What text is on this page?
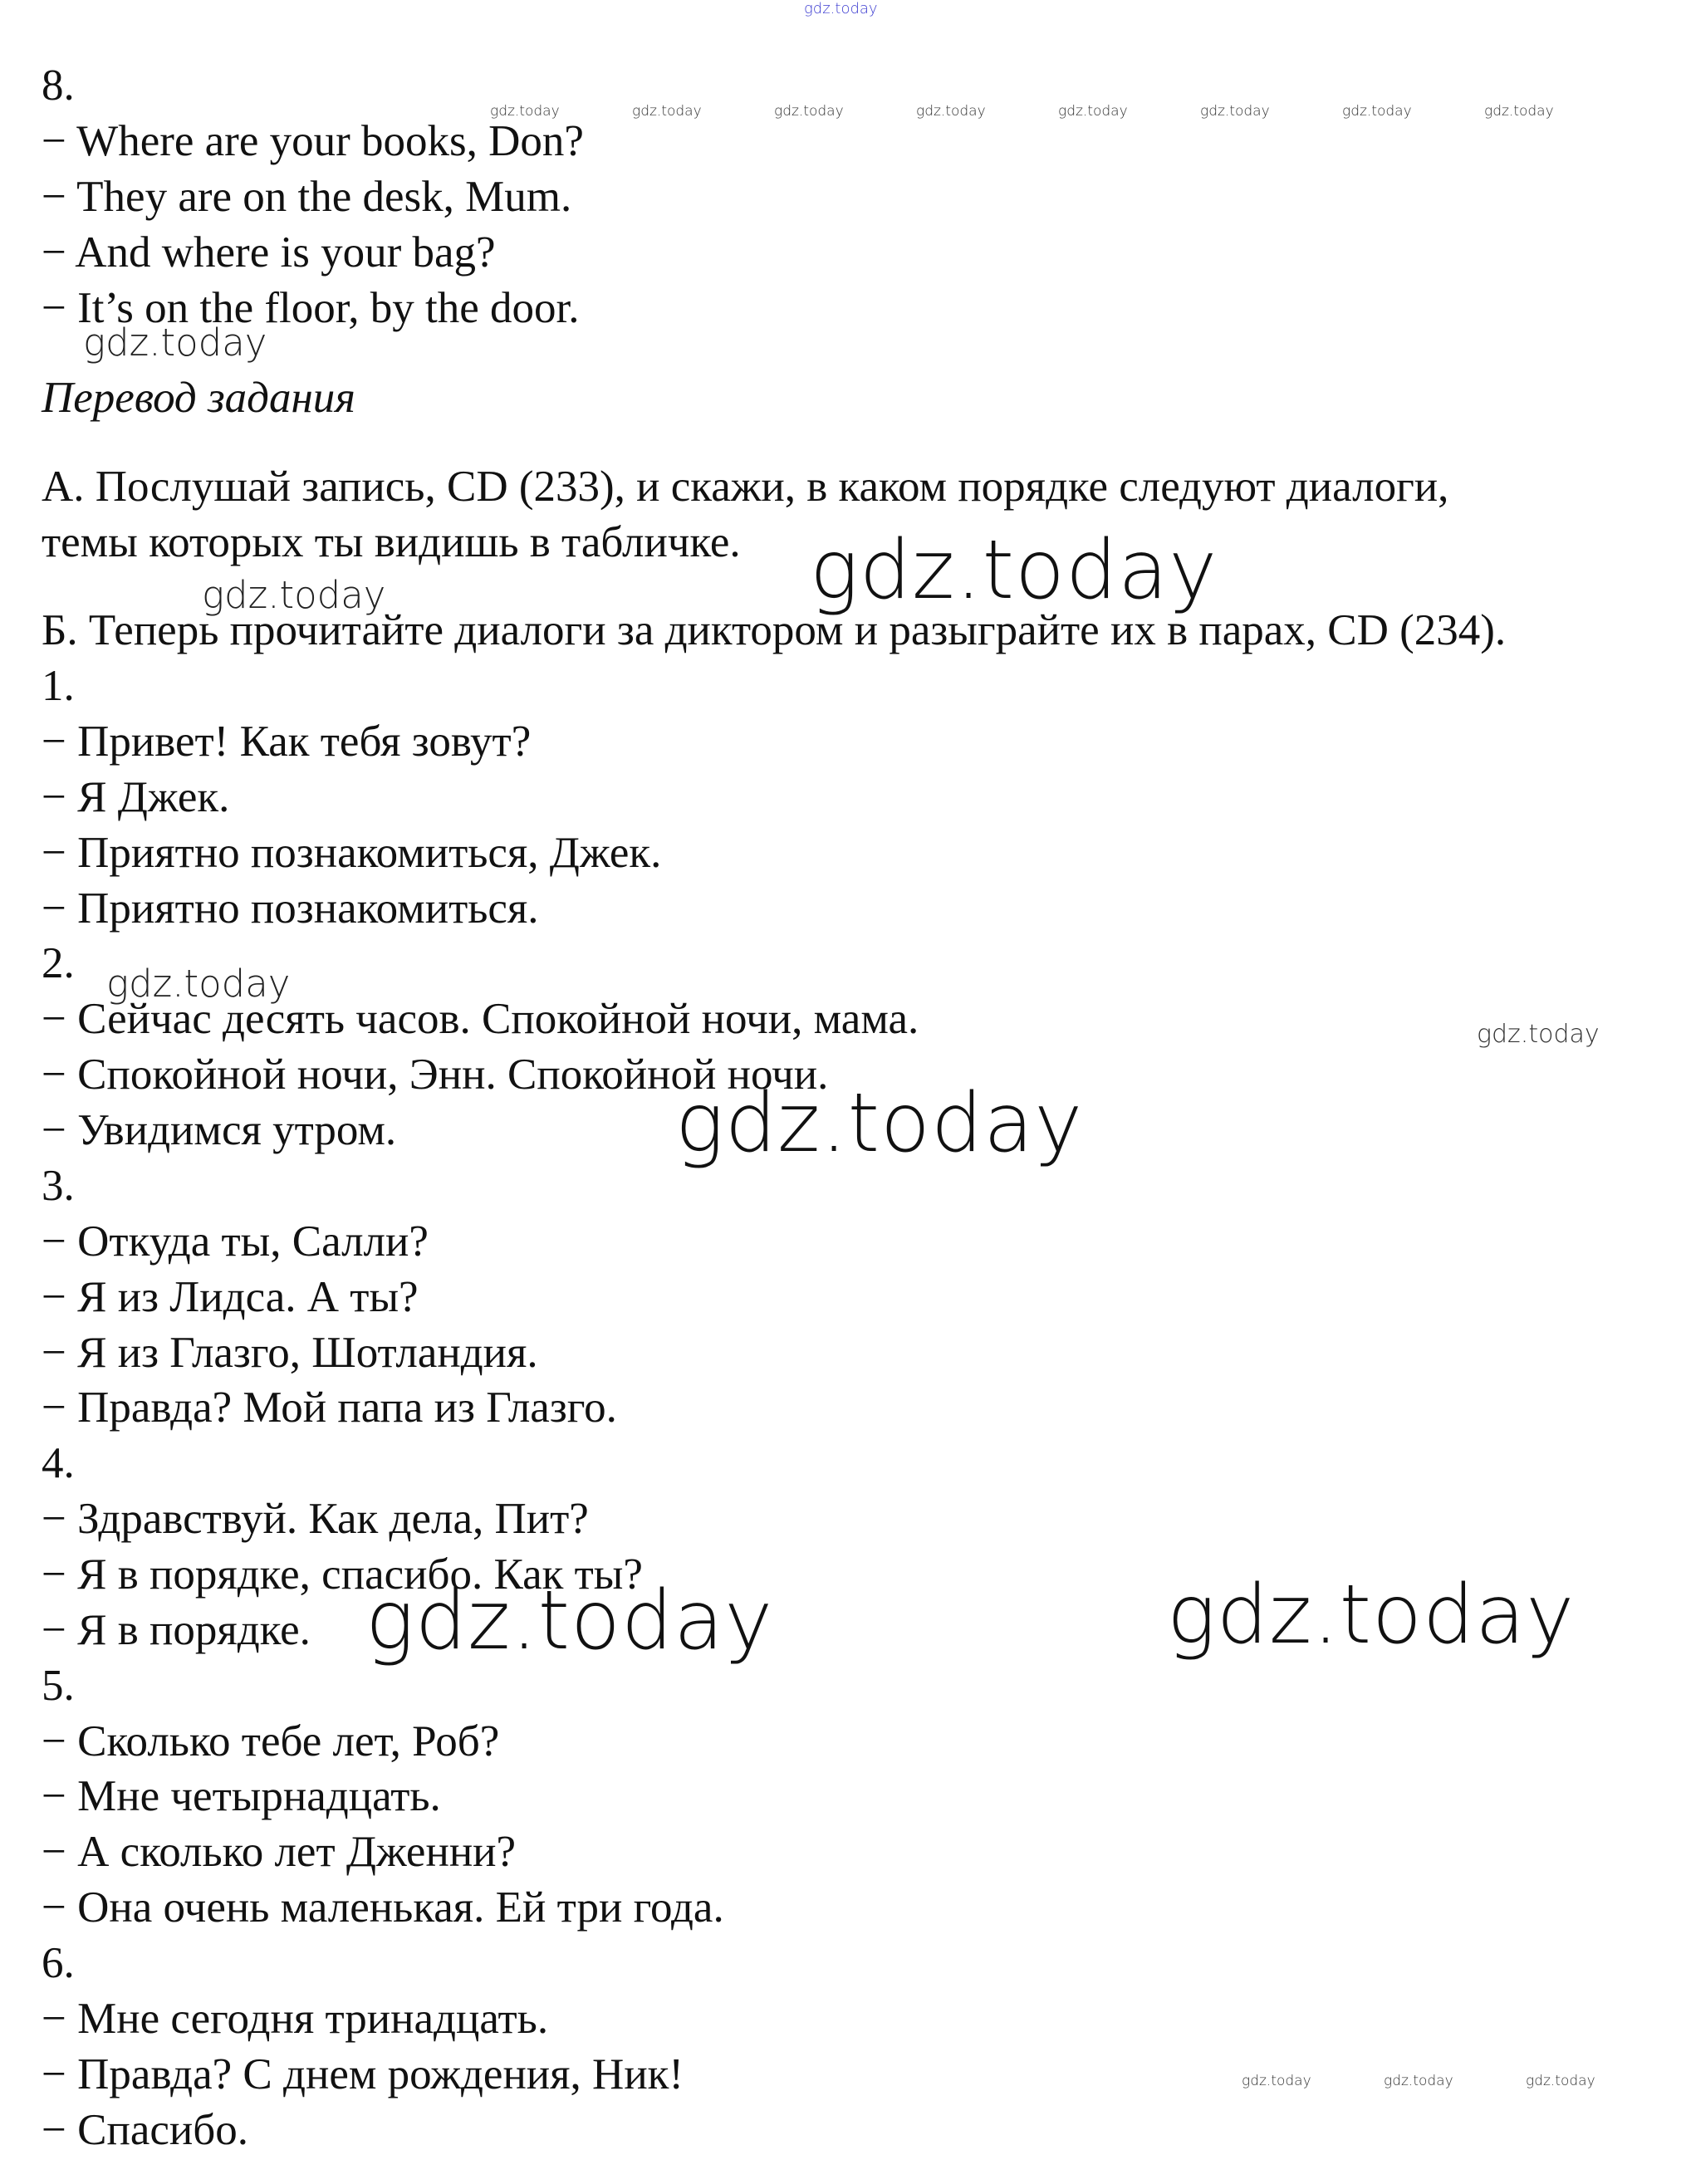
8.
− Where are your books, Don?
− They are on the desk, Mum.
− And where is your bag?
− It’s on the floor, by the door.
Перевод задания
А. Послушай запись, CD (233), и скажи, в каком порядке следуют диалоги,
темы которых ты видишь в табличке.
Б. Теперь прочитайте диалоги за диктором и разыграйте их в парах, CD (234).
1.
− Привет! Как тебя зовут?
− Я Джек.
− Приятно познакомиться, Джек.
− Приятно познакомиться.
2.
− Сейчас десять часов. Спокойной ночи, мама.
− Спокойной ночи, Энн. Спокойной ночи.
− Увидимся утром.
3.
− Откуда ты, Салли?
− Я из Лидса. А ты?
− Я из Глазго, Шотландия.
− Правда? Мой папа из Глазго.
4.
− Здравствуй. Как дела, Пит?
− Я в порядке, спасибо. Как ты?
− Я в порядке.
5.
− Сколько тебе лет, Роб?
− Мне четырнадцать.
− А сколько лет Дженни?
− Она очень маленькая. Ей три года.
6.
− Мне сегодня тринадцать.
− Правда? С днем рождения, Ник!
− Спасибо.
gdz.today
gdz.today	gdz.today	gdz.today	gdz.today	gdz.today	gdz.today	gdz.today	gdz.today
gdz.today
gdz.today
gdz.today
gdz.today
gdz.today
gdz.today
gdz.today	gdz.today
gdz.today	gdz.today	gdz.today
